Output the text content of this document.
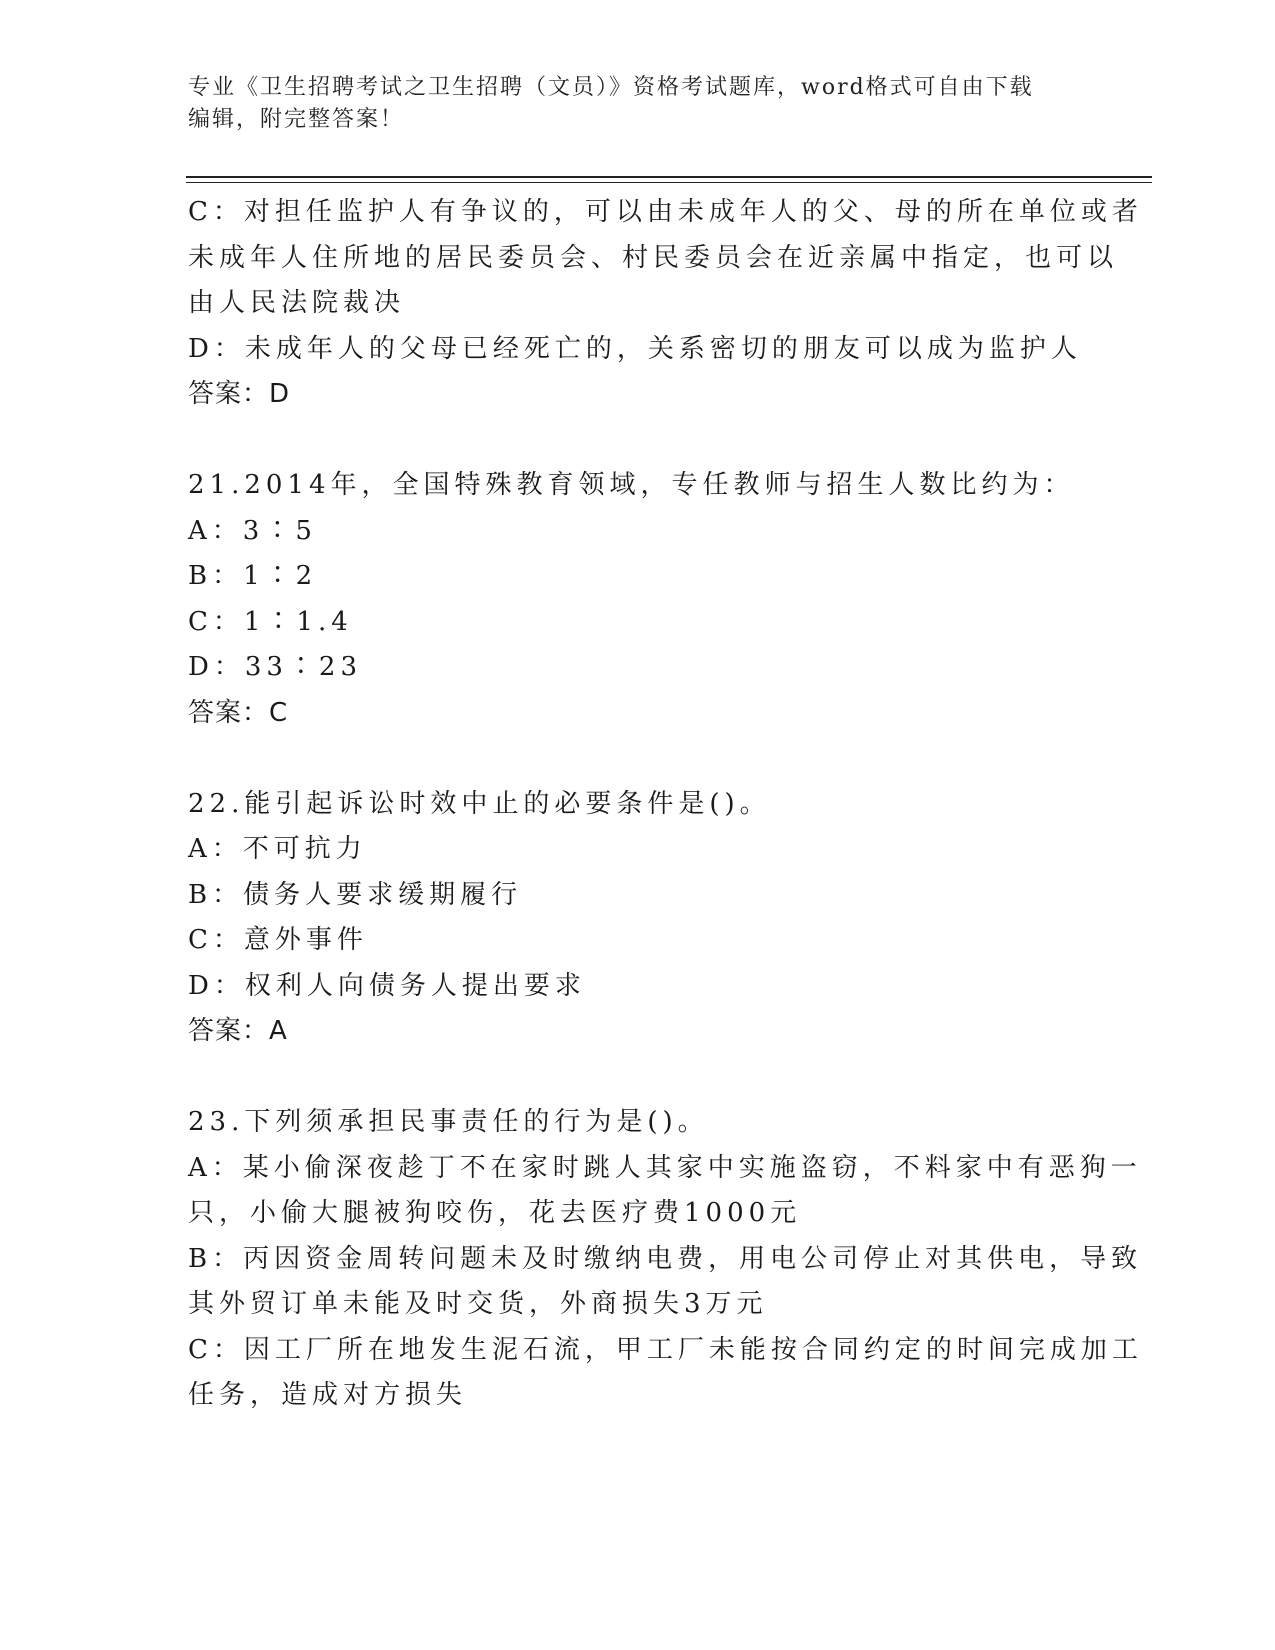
专业《卫生招聘考试之卫生招聘（文员）》资格考试题库，word格式可自由下载
编辑，附完整答案！

C：对担任监护人有争议的，可以由未成年人的父、母的所在单位或者

未成年人住所地的居民委员会、村民委员会在近亲属中指定，也可以

由人民法院裁决

D：未成年人的父母已经死亡的，关系密切的朋友可以成为监护人

答案：D

21.2014年，全国特殊教育领域，专任教师与招生人数比约为：

A：3∶5

B：1∶2

C：1∶1.4

D：33∶23

答案：C

22.能引起诉讼时效中止的必要条件是()。

A：不可抗力

B：债务人要求缓期履行

C：意外事件

D：权利人向债务人提出要求

答案：A

23.下列须承担民事责任的行为是()。

A：某小偷深夜趁丁不在家时跳人其家中实施盗窃，不料家中有恶狗一

只，小偷大腿被狗咬伤，花去医疗费1000元

B：丙因资金周转问题未及时缴纳电费，用电公司停止对其供电，导致

其外贸订单未能及时交货，外商损失3万元

C：因工厂所在地发生泥石流，甲工厂未能按合同约定的时间完成加工

任务，造成对方损失
